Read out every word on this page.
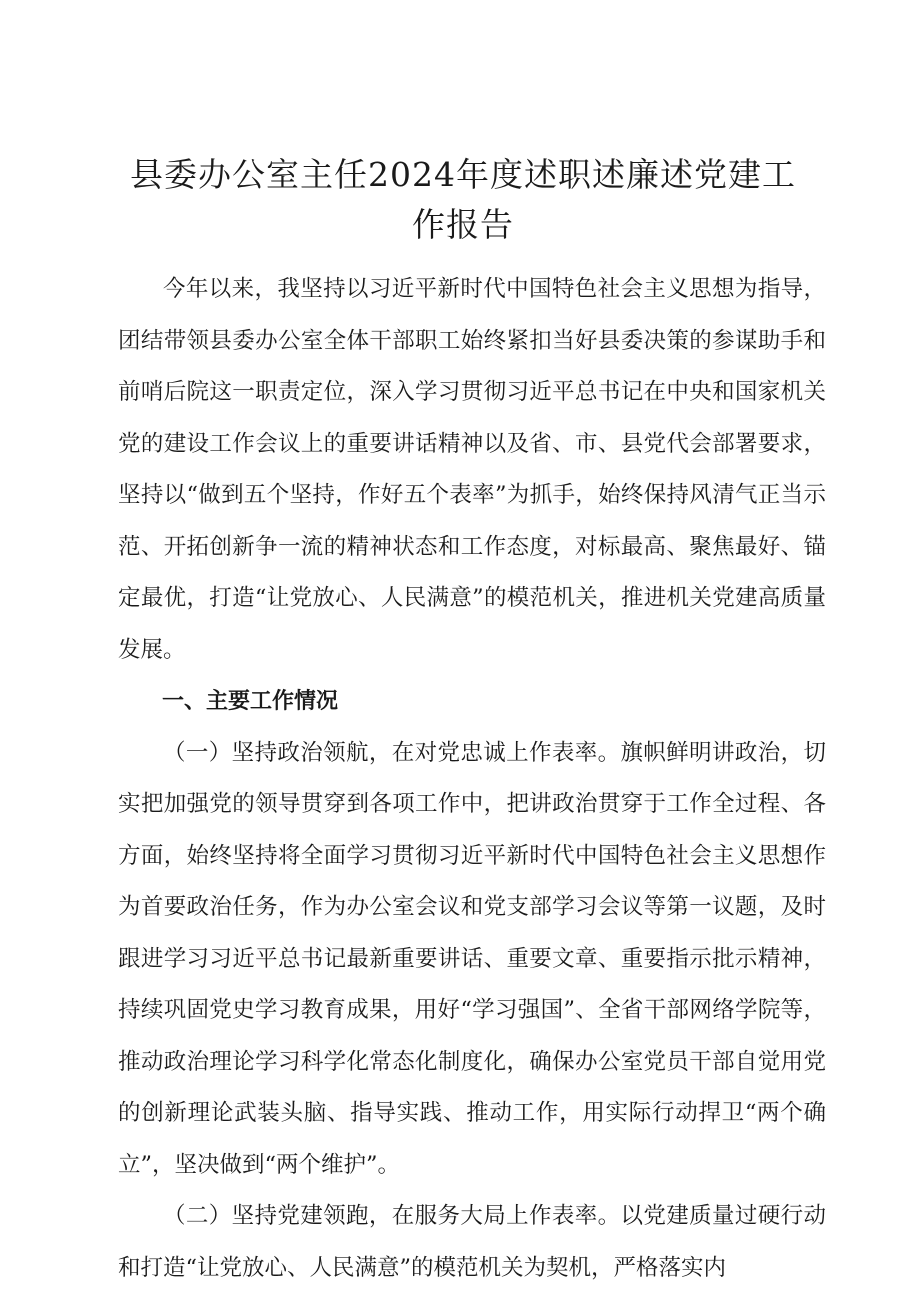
县委办公室主任2024年度述职述廉述党建工作报告

今年以来，我坚持以习近平新时代中国特色社会主义思想为指导，团结带领县委办公室全体干部职工始终紧扣当好县委决策的参谋助手和前哨后院这一职责定位，深入学习贯彻习近平总书记在中央和国家机关党的建设工作会议上的重要讲话精神以及省、市、县党代会部署要求，坚持以“做到五个坚持，作好五个表率”为抓手，始终保持风清气正当示范、开拓创新争一流的精神状态和工作态度，对标最高、聚焦最好、锚定最优，打造“让党放心、人民满意”的模范机关，推进机关党建高质量发展。

一、主要工作情况

（一）坚持政治领航，在对党忠诚上作表率。旗帜鲜明讲政治，切实把加强党的领导贯穿到各项工作中，把讲政治贯穿于工作全过程、各方面，始终坚持将全面学习贯彻习近平新时代中国特色社会主义思想作为首要政治任务，作为办公室会议和党支部学习会议等第一议题，及时跟进学习习近平总书记最新重要讲话、重要文章、重要指示批示精神，持续巩固党史学习教育成果，用好“学习强国”、全省干部网络学院等，推动政治理论学习科学化常态化制度化，确保办公室党员干部自觉用党的创新理论武装头脑、指导实践、推动工作，用实际行动捍卫“两个确立”，坚决做到“两个维护”。

（二）坚持党建领跑，在服务大局上作表率。以党建质量过硬行动和打造“让党放心、人民满意”的模范机关为契机，严格落实内
